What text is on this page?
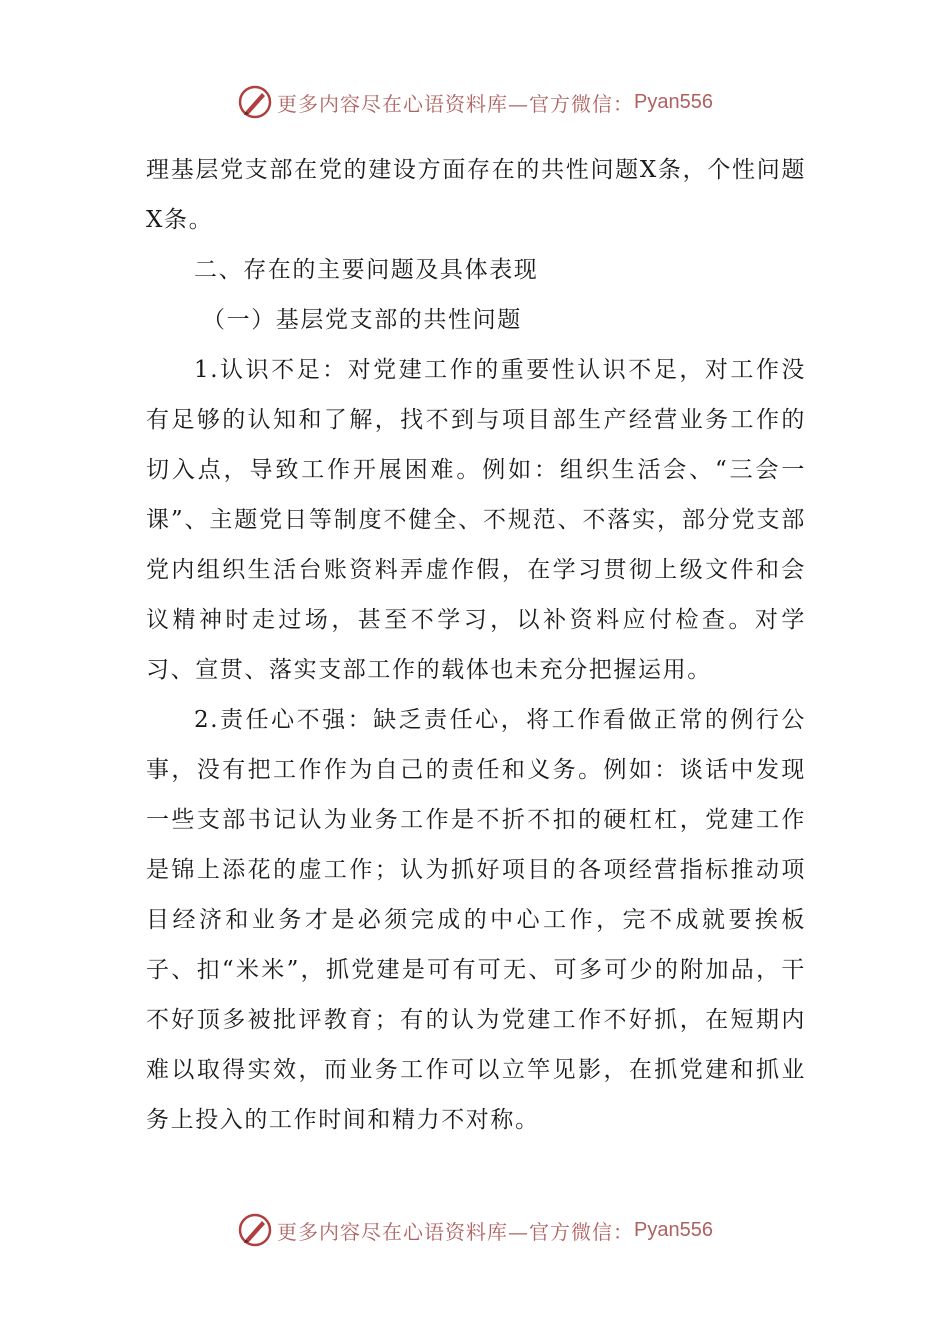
更多内容尽在心语资料库—官方微信： Pyan556

理基层党支部在党的建设方面存在的共性问题X条，个性问题X条。

二、存在的主要问题及具体表现

（一）基层党支部的共性问题

1.认识不足：对党建工作的重要性认识不足，对工作没有足够的认知和了解，找不到与项目部生产经营业务工作的切入点，导致工作开展困难。例如：组织生活会、“三会一课”、主题党日等制度不健全、不规范、不落实，部分党支部党内组织生活台账资料弄虚作假，在学习贯彻上级文件和会议精神时走过场，甚至不学习，以补资料应付检查。对学习、宣贯、落实支部工作的载体也未充分把握运用。

2.责任心不强：缺乏责任心，将工作看做正常的例行公事，没有把工作作为自己的责任和义务。例如：谈话中发现一些支部书记认为业务工作是不折不扣的硬杠杠，党建工作是锦上添花的虚工作；认为抓好项目的各项经营指标推动项目经济和业务才是必须完成的中心工作，完不成就要挨板子、扣“米米”，抓党建是可有可无、可多可少的附加品，干不好顶多被批评教育；有的认为党建工作不好抓，在短期内难以取得实效，而业务工作可以立竿见影，在抓党建和抓业务上投入的工作时间和精力不对称。

更多内容尽在心语资料库—官方微信： Pyan556
